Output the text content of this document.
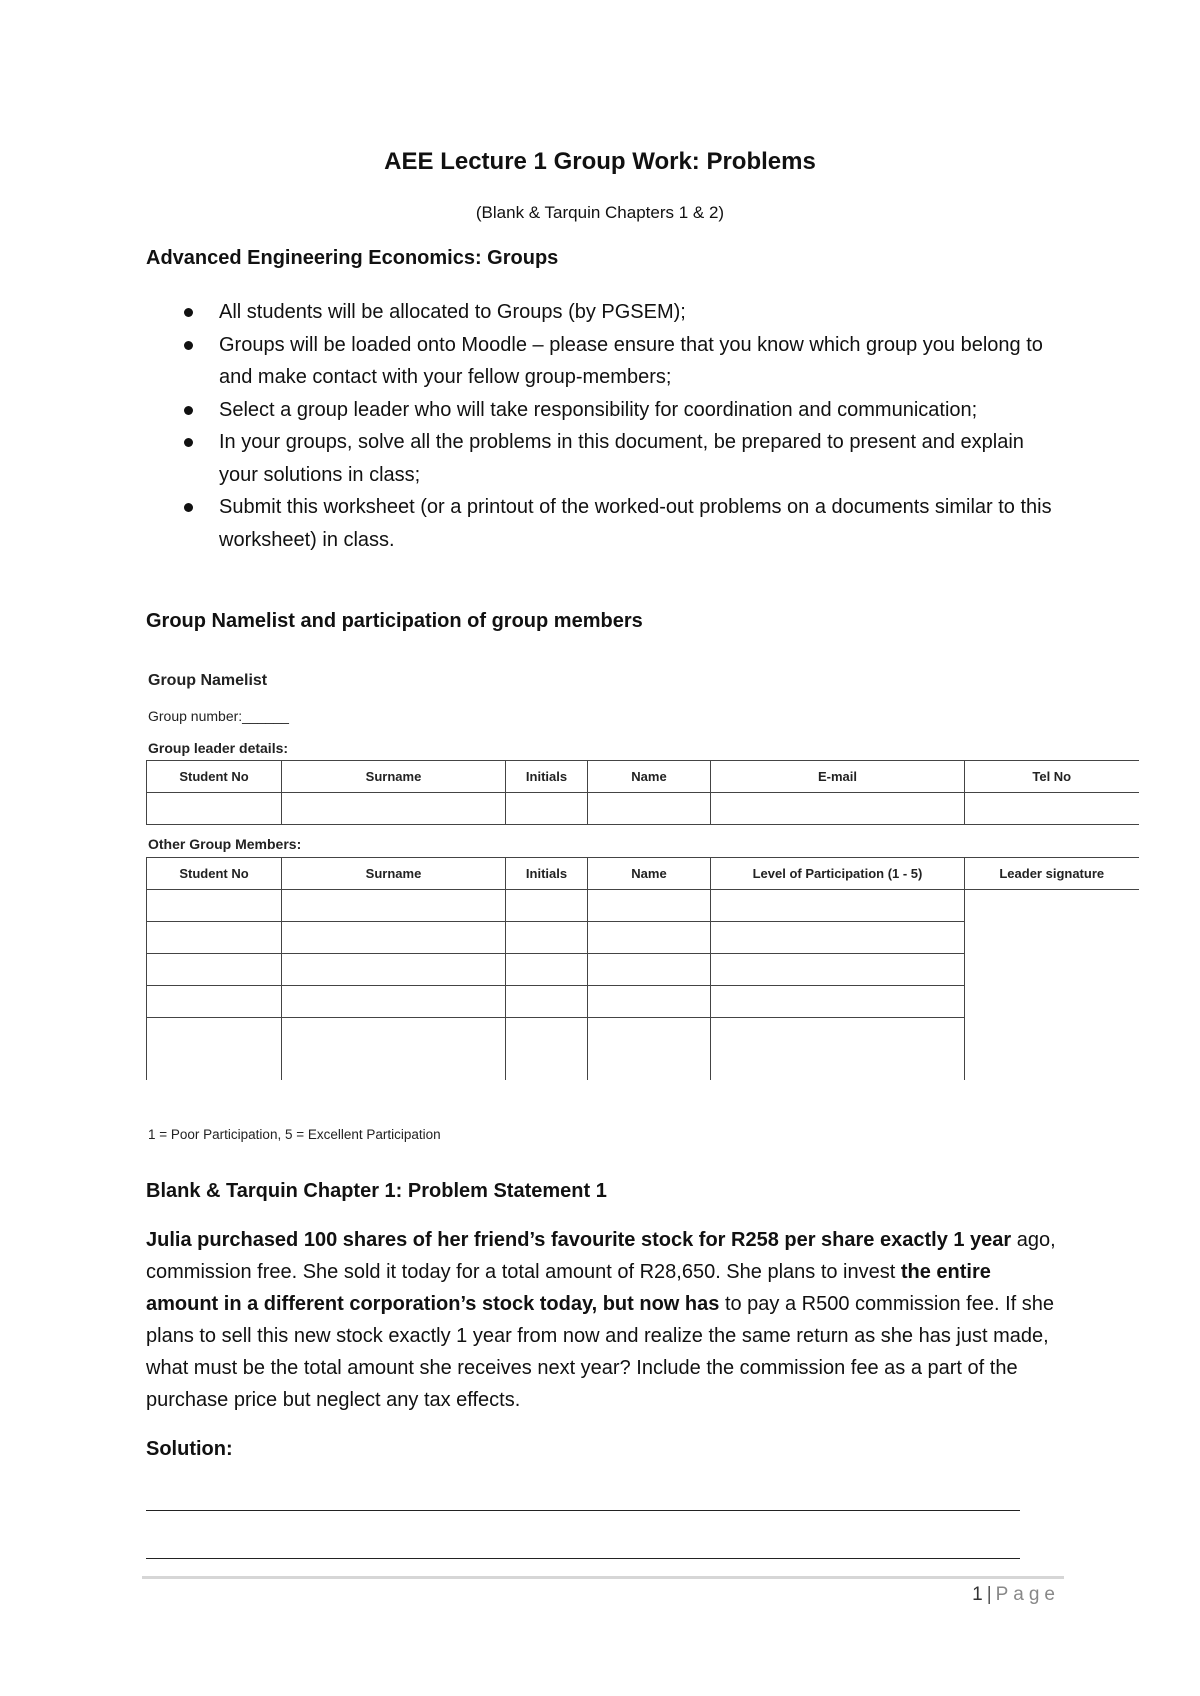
AEE Lecture 1 Group Work: Problems
(Blank & Tarquin Chapters 1 & 2)
Advanced Engineering Economics: Groups
All students will be allocated to Groups (by PGSEM);
Groups will be loaded onto Moodle – please ensure that you know which group you belong to and make contact with your fellow group-members;
Select a group leader who will take responsibility for coordination and communication;
In your groups, solve all the problems in this document, be prepared to present and explain your solutions in class;
Submit this worksheet (or a printout of the worked-out problems on a documents similar to this worksheet) in class.
Group Namelist and participation of group members
Group Namelist
Group number:______
Group leader details:
Student No	Surname	Initials	Name	E-mail	Tel No

Other Group Members:
Student No	Surname	Initials	Name	Level of Participation (1 - 5)	Leader signature

1 = Poor Participation, 5 = Excellent Participation
Blank & Tarquin Chapter 1: Problem Statement 1

Julia purchased 100 shares of her friend’s favourite stock for R258 per share exactly 1 year ago, commission free. She sold it today for a total amount of R28,650. She plans to invest the entire amount in a different corporation’s stock today, but now has to pay a R500 commission fee. If she plans to sell this new stock exactly 1 year from now and realize the same return as she has just made, what must be the total amount she receives next year? Include the commission fee as a part of the purchase price but neglect any tax effects.

Solution:
1 | Page
